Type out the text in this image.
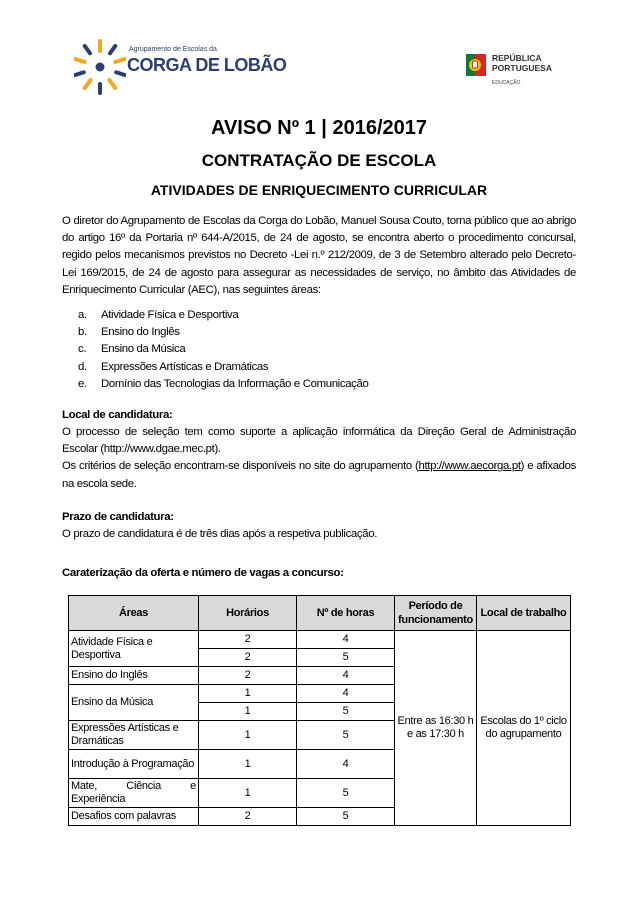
Agrupamento de Escolas da
CORGA DE LOBÃO	REPÚBLICA
PORTUGUESA
EDUCAÇÃO
AVISO Nº 1 | 2016/2017
CONTRATAÇÃO DE ESCOLA
ATIVIDADES DE ENRIQUECIMENTO CURRICULAR
O diretor do Agrupamento de Escolas da Corga do Lobão, Manuel Sousa Couto, torna público que ao abrigo do artigo 16º da Portaria nº 644-A/2015, de 24 de agosto, se encontra aberto o procedimento concursal, regido pelos mecanismos previstos no Decreto -Lei n.º 212/2009, de 3 de Setembro alterado pelo Decreto-Lei 169/2015, de 24 de agosto para assegurar as necessidades de serviço, no âmbito das Atividades de Enriquecimento Curricular (AEC), nas seguintes áreas:
a. Atividade Física e Desportiva
b. Ensino do Inglês
c. Ensino da Música
d. Expressões Artísticas e Dramáticas
e. Domínio das Tecnologias da Informação e Comunicação
Local de candidatura:
O processo de seleção tem como suporte a aplicação informática da Direção Geral de Administração Escolar (http://www.dgae.mec.pt).
Os critérios de seleção encontram-se disponíveis no site do agrupamento (http://www.aecorga.pt) e afixados na escola sede.
Prazo de candidatura:
O prazo de candidatura é de três dias após a respetiva publicação.
Caraterização da oferta e número de vagas a concurso:
Áreas	Horários	Nº de horas	Período de funcionamento	Local de trabalho
Atividade Física e Desportiva	2	4	Entre as 16:30 h e as 17:30 h	Escolas do 1º ciclo do agrupamento
	2	5		
Ensino do Inglês	2	4		
Ensino da Música	1	4		
	1	5		
Expressões Artísticas e Dramáticas	1	5		
Introdução à Programação	1	4		
Mate, Ciência e Experiência	1	5		
Desafios com palavras	2	5		
